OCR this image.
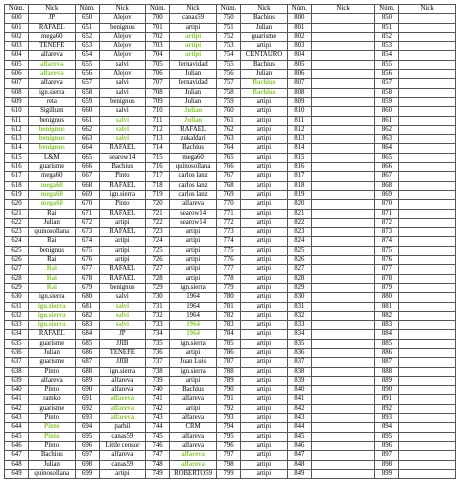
Núm.	Nick	Núm.	Nick	Núm.	Nick	Núm.	Nick	Núm.	Nick	Núm.	Nick
600	JP	650	Alejov	700	canas59	750	Bachius	800		850	
601	RAFAEL	651	benignus	701	artipi	751	Julian	801		851	
602	mega60	652	Alejov	702	artipi	752	guarisme	802		852	
603	TENEFE	653	Alejov	703	artipi	753	artipi	803		853	
604	alfareva	654	Alejov	704	artipi	754	CENTAURO	804		854	
605	alfareva	655	salvi	705	fernavidad	755	Bachius	805		855	
606	alfareva	656	Alejov	706	Julian	756	Julian	806		856	
607	alfareva	657	salvi	707	fernavidad	757	Bachius	807		857	
608	ign.sierra	658	salvi	708	Julian	758	Bachius	808		858	
609	reta	659	benignus	709	Julian	759	artipi	809		859	
610	Sigillum	660	salvi	710	Julian	760	artipi	810		860	
611	benignus	661	salvi	711	Julian	761	artipi	811		861	
612	benignus	662	salvi	712	RAFAEL	762	artipi	812		862	
613	benignus	663	salvi	713	zukaldari	763	artipi	813		863	
614	benignus	664	RAFAEL	714	Bachius	764	artipi	814		864	
615	L&M	665	searow14	715	mega60	765	artipi	815		865	
616	guarisme	666	Bachius	716	quinosollana	766	artipi	816		866	
617	mega60	667	Pinto	717	carlos lanz	767	artipi	817		867	
618	mega60	668	RAFAEL	718	carlos lanz	768	artipi	818		868	
619	mega60	669	ign.sierra	719	carlos lanz	769	artipi	819		869	
620	mega60	670	Pinto	720	alfareva	770	artipi	820		870	
621	Rai	671	RAFAEL	721	searow14	771	artipi	821		871	
622	Julian	672	artipi	722	searow14	772	artipi	822		872	
623	quinosollana	673	RAFAEL	723	artipi	773	artipi	823		873	
624	Rai	674	artipi	724	artipi	774	artipi	824		874	
625	benignus	675	artipi	725	artipi	775	artipi	825		875	
626	Rai	676	artipi	726	artipi	776	artipi	826		876	
627	Rai	677	RAFAEL	727	artipi	777	artipi	827		877	
628	Rai	678	RAFAEL	728	artipi	778	artipi	828		878	
629	Rai	679	benignus	729	ign.sierra	779	artipi	829		879	
630	ign.sierra	680	salvi	730	1964	780	artipi	830		880	
631	ign.sierra	681	salvi	731	1964	781	artipi	831		881	
632	ign.sierra	682	salvi	732	1964	782	artipi	832		882	
633	ign.sierra	683	salvi	733	1964	783	artipi	833		883	
634	RAFAEL	684	JP	734	1964	784	artipi	834		884	
635	guarisme	685	JJIB	735	ign.sierra	785	artipi	835		885	
636	Julian	686	TENEFE	736	artipi	786	artipi	836		886	
637	guarisme	687	JJIB	737	Juan Luis	787	artipi	837		887	
638	Pinto	688	ign.sierra	738	ign.sierra	788	artipi	838		888	
639	alfareva	689	alfareva	739	artipi	789	artipi	839		889	
640	Pinto	690	alfareva	740	Bachius	790	artipi	840		890	
641	ramko	691	alfareva	741	alfareva	791	artipi	841		891	
642	guarisme	692	alfareva	742	artipi	792	artipi	842		892	
643	Pinto	693	alfareva	743	alfareva	793	artipi	843		893	
644	Pinto	694	parbil	744	CRM	794	artipi	844		894	
645	Pinto	695	canas59	745	alfareva	795	artipi	845		895	
646	Pinto	696	Little censor	746	alfareva	796	artipi	846		896	
647	Bachius	697	alfareva	747	alfareva	797	artipi	847		897	
648	Julian	698	canas59	748	alfareva	798	artipi	848		898	
649	quinosollana	699	artipi	749	ROBERTO59	799	artipi	849		899	
